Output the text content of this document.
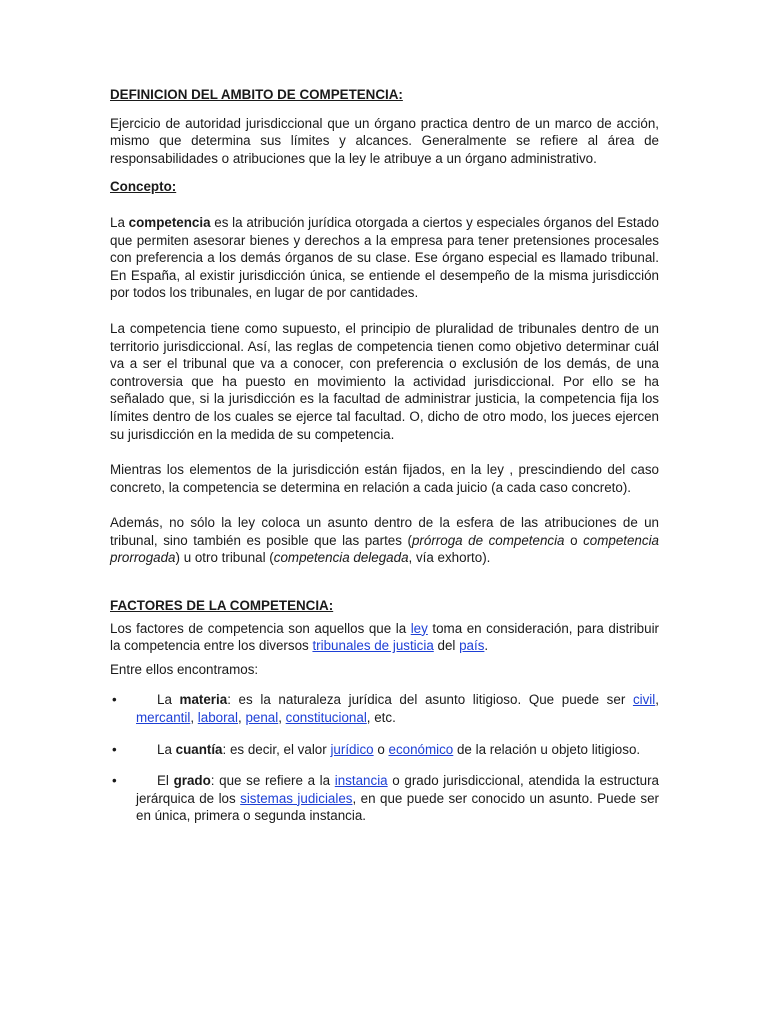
DEFINICION DEL AMBITO DE COMPETENCIA:

Ejercicio de autoridad jurisdiccional que un órgano practica dentro de un marco de acción, mismo que determina sus límites y alcances. Generalmente se refiere al área de responsabilidades o atribuciones que la ley le atribuye a un órgano administrativo.

Concepto:

La competencia es la atribución jurídica otorgada a ciertos y especiales órganos del Estado que permiten asesorar bienes y derechos a la empresa para tener pretensiones procesales con preferencia a los demás órganos de su clase. Ese órgano especial es llamado tribunal. En España, al existir jurisdicción única, se entiende el desempeño de la misma jurisdicción por todos los tribunales, en lugar de por cantidades.

La competencia tiene como supuesto, el principio de pluralidad de tribunales dentro de un territorio jurisdiccional. Así, las reglas de competencia tienen como objetivo determinar cuál va a ser el tribunal que va a conocer, con preferencia o exclusión de los demás, de una controversia que ha puesto en movimiento la actividad jurisdiccional. Por ello se ha señalado que, si la jurisdicción es la facultad de administrar justicia, la competencia fija los límites dentro de los cuales se ejerce tal facultad. O, dicho de otro modo, los jueces ejercen su jurisdicción en la medida de su competencia.

Mientras los elementos de la jurisdicción están fijados, en la ley , prescindiendo del caso concreto, la competencia se determina en relación a cada juicio (a cada caso concreto).

Además, no sólo la ley coloca un asunto dentro de la esfera de las atribuciones de un tribunal, sino también es posible que las partes (prórroga de competencia o competencia prorrogada) u otro tribunal (competencia delegada, vía exhorto).

FACTORES DE LA COMPETENCIA:

Los factores de competencia son aquellos que la ley toma en consideración, para distribuir la competencia entre los diversos tribunales de justicia del país.

Entre ellos encontramos:

•	La materia: es la naturaleza jurídica del asunto litigioso. Que puede ser civil, mercantil, laboral, penal, constitucional, etc.
•	La cuantía: es decir, el valor jurídico o económico de la relación u objeto litigioso.
•	El grado: que se refiere a la instancia o grado jurisdiccional, atendida la estructura jerárquica de los sistemas judiciales, en que puede ser conocido un asunto. Puede ser en única, primera o segunda instancia.
